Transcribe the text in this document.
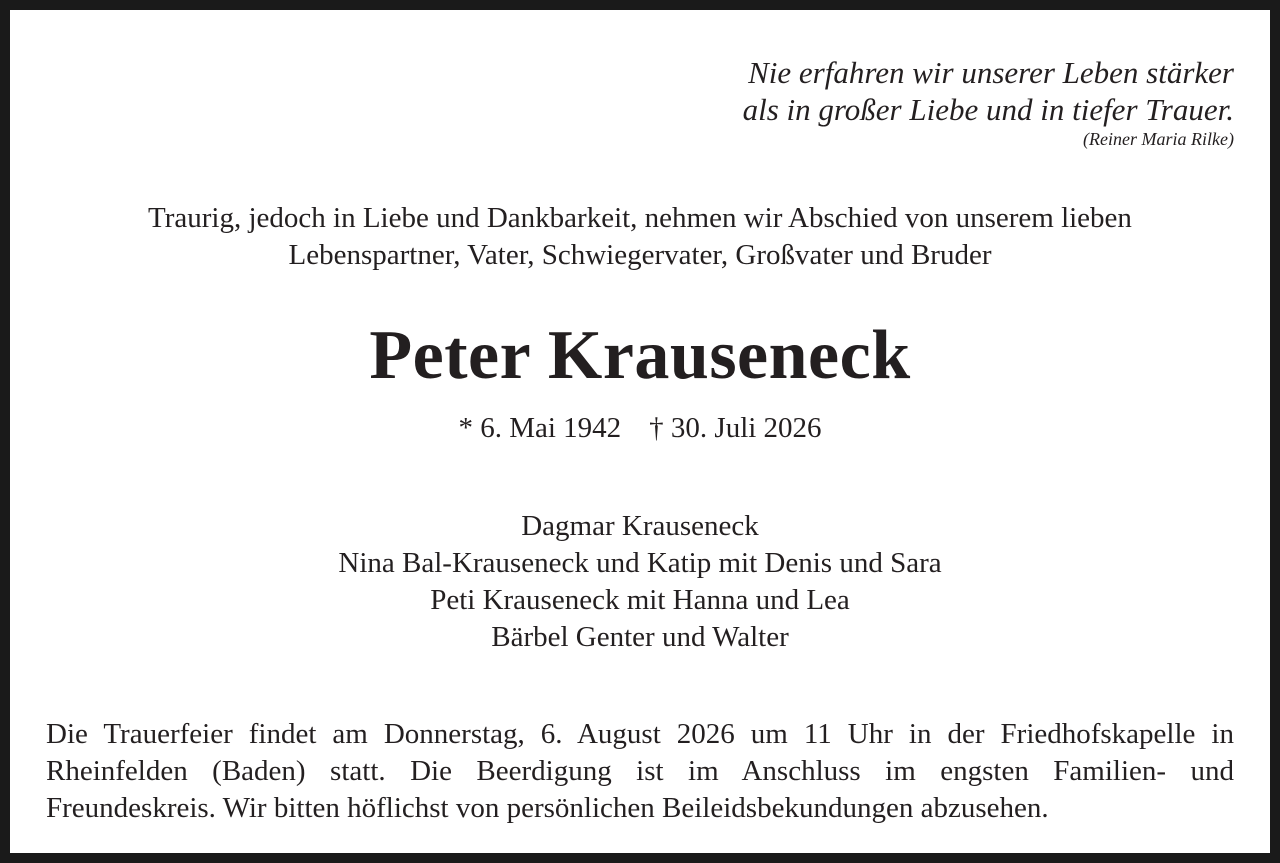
Nie erfahren wir unserer Leben stärker
als in großer Liebe und in tiefer Trauer.
(Reiner Maria Rilke)
Traurig, jedoch in Liebe und Dankbarkeit, nehmen wir Abschied von unserem lieben
Lebenspartner, Vater, Schwiegervater, Großvater und Bruder
Peter Krauseneck
* 6. Mai 1942 † 30. Juli 2026
Dagmar Krauseneck
Nina Bal-Krauseneck und Katip mit Denis und Sara
Peti Krauseneck mit Hanna und Lea
Bärbel Genter und Walter
Die Trauerfeier findet am Donnerstag, 6. August 2026 um 11 Uhr in der Friedhofskapelle in
Rheinfelden (Baden) statt. Die Beerdigung ist im Anschluss im engsten Familien- und
Freundeskreis. Wir bitten höflichst von persönlichen Beileidsbekundungen abzusehen.
